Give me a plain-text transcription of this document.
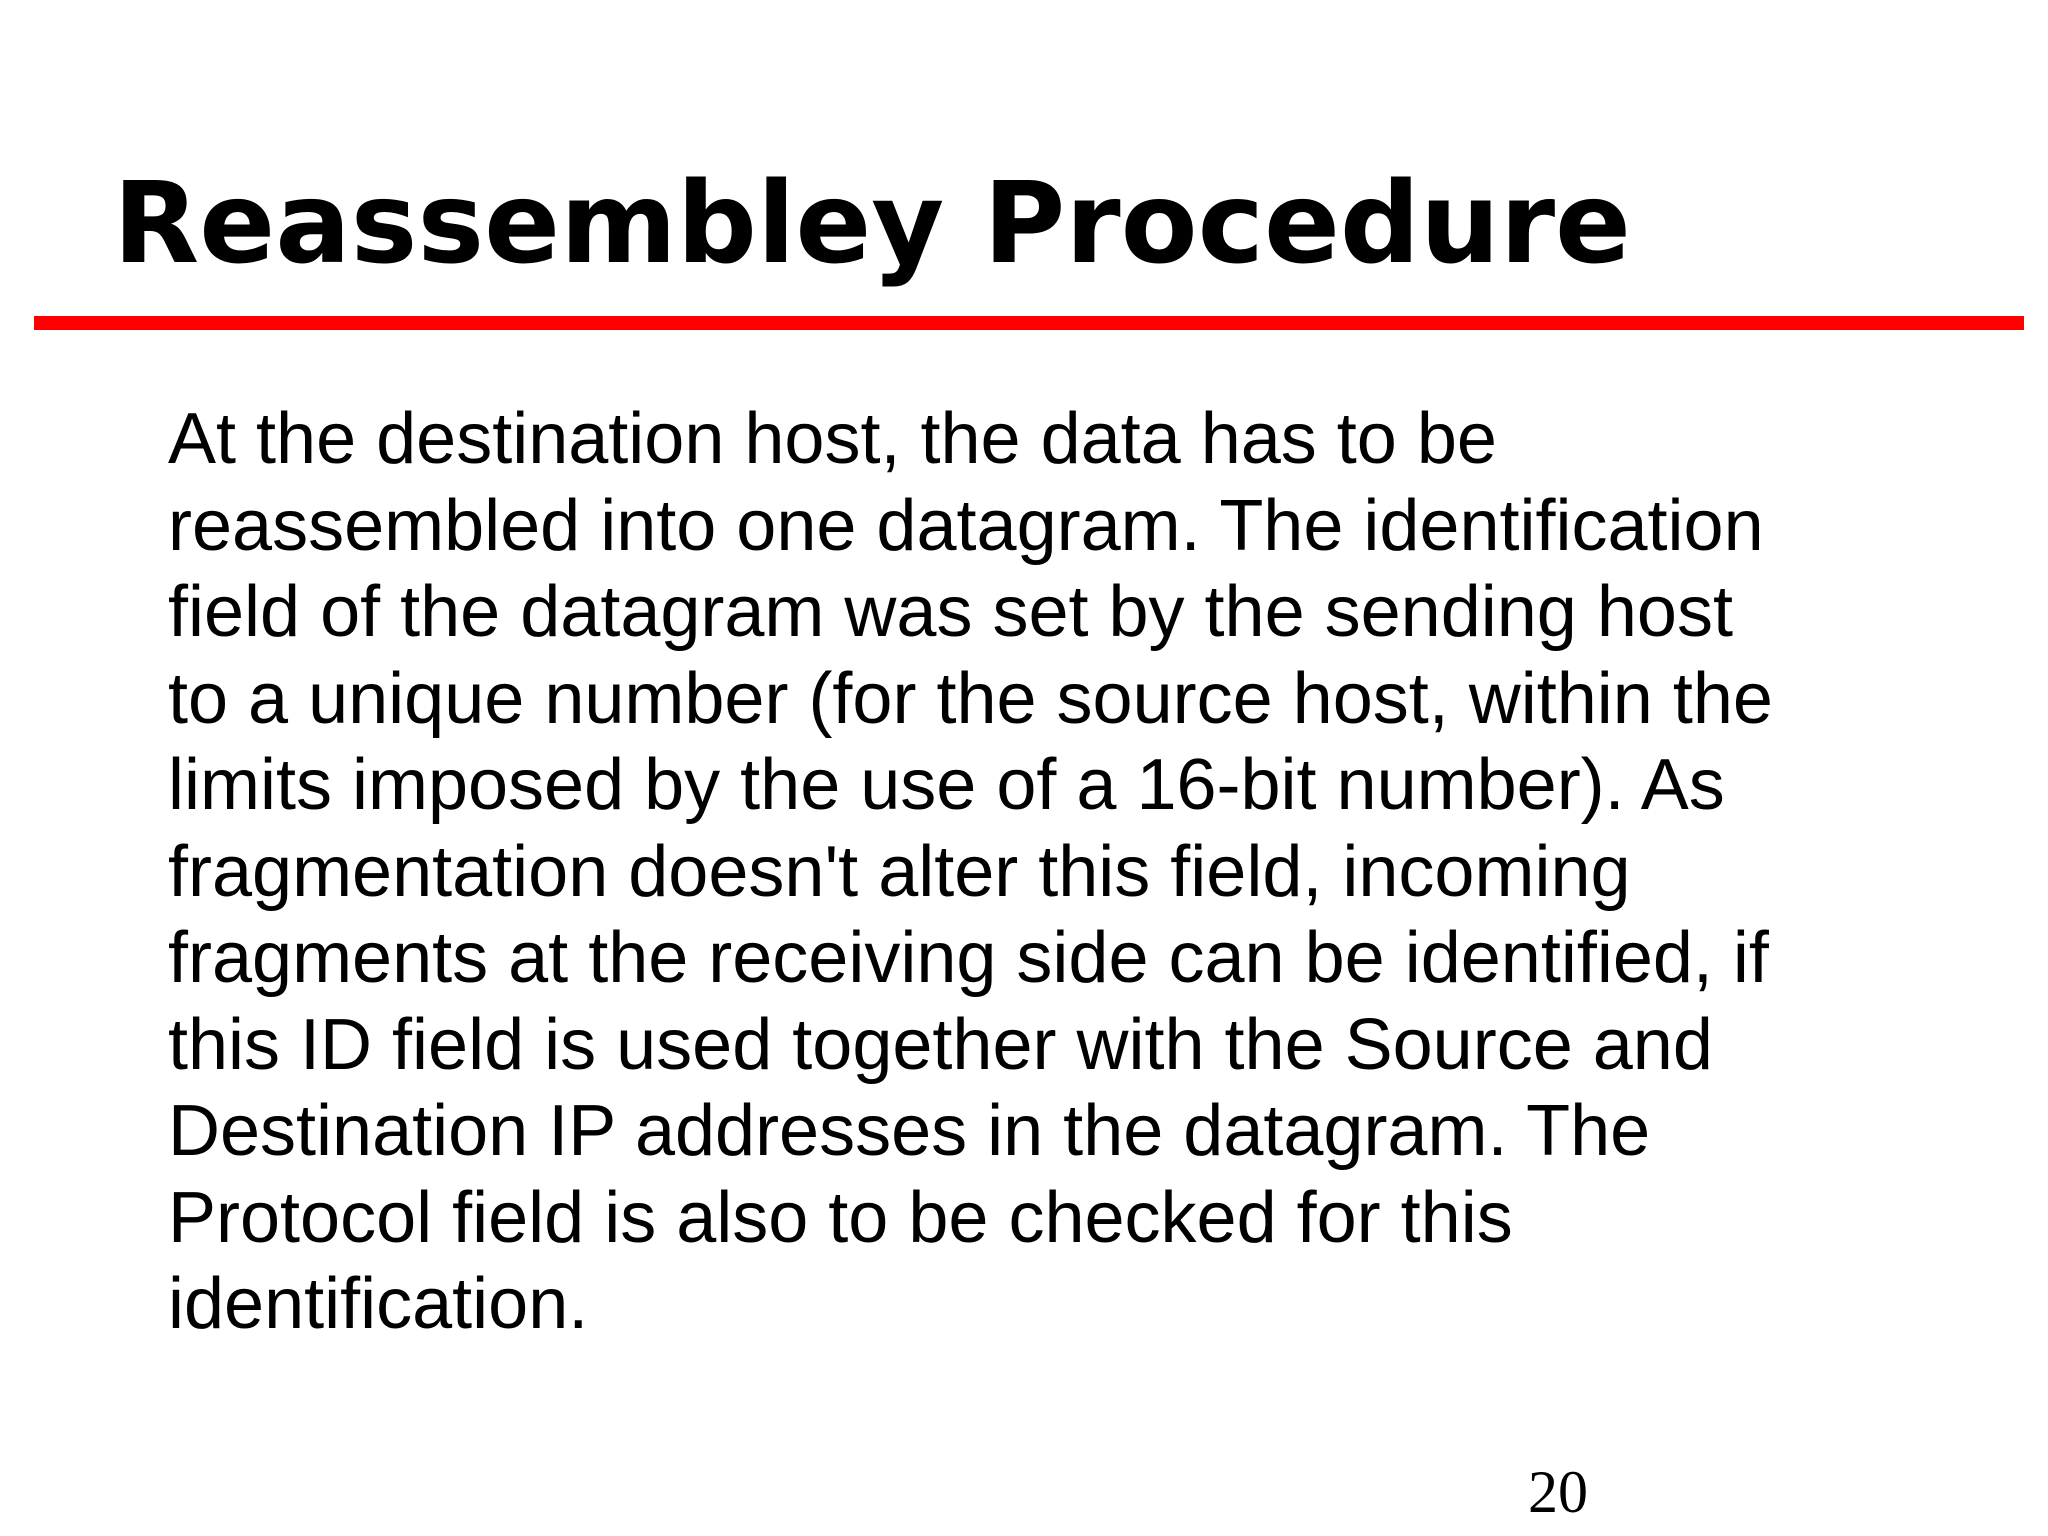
Reassembley Procedure

At the destination host, the data has to be
reassembled into one datagram. The identification
field of the datagram was set by the sending host
to a unique number (for the source host, within the
limits imposed by the use of a 16-bit number). As
fragmentation doesn't alter this field, incoming
fragments at the receiving side can be identified, if
this ID field is used together with the Source and
Destination IP addresses in the datagram. The
Protocol field is also to be checked for this
identification.

20
